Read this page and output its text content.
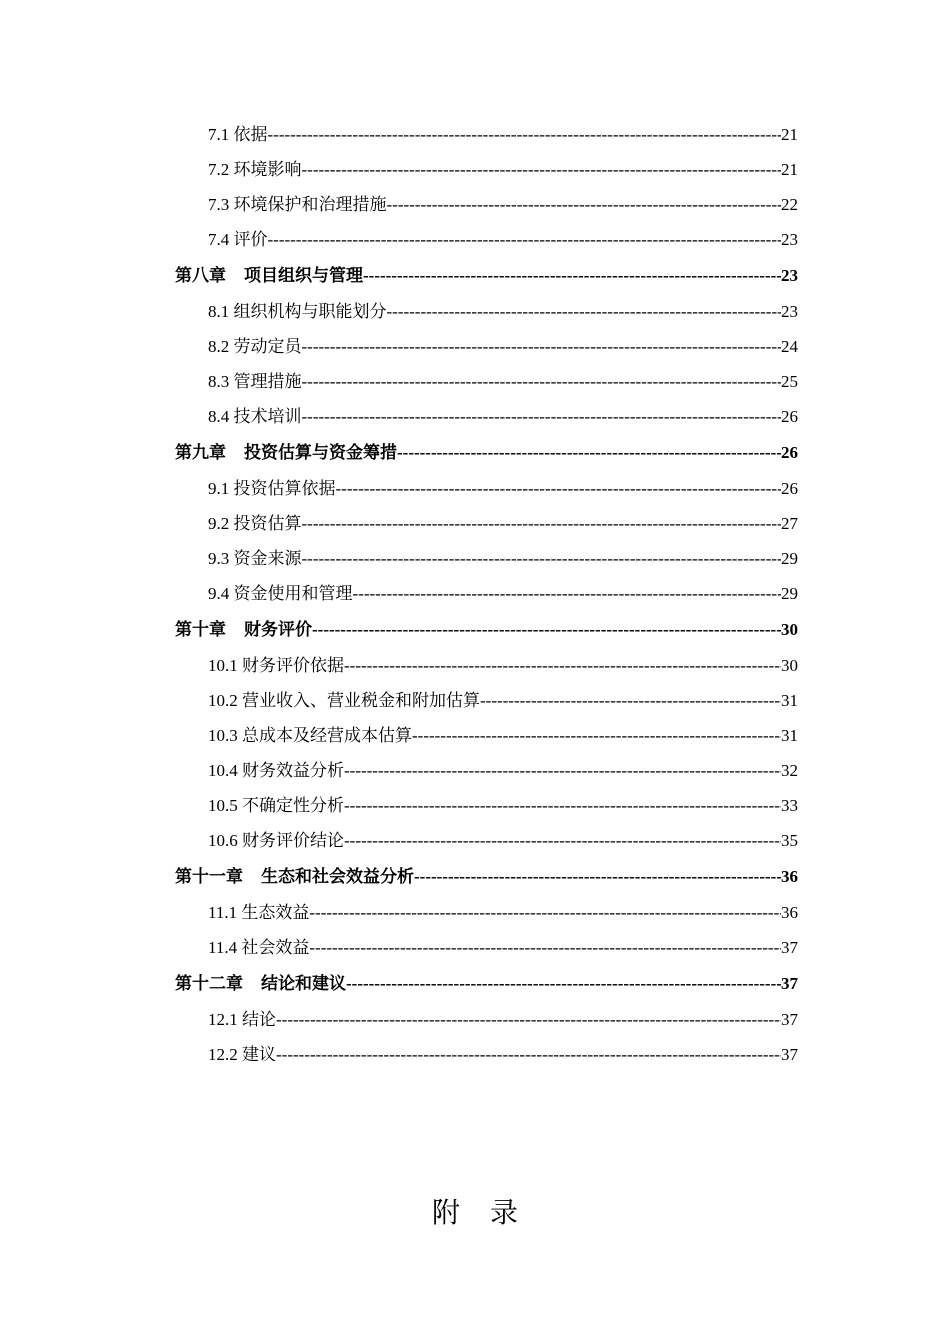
7.1 依据 -----	21
7.2 环境影响 -----	21
7.3 环境保护和治理措施 -----	22
7.4 评价 -----	23
第八章 项目组织与管理 -----	23
8.1 组织机构与职能划分 -----	23
8.2 劳动定员 -----	24
8.3 管理措施 -----	25
8.4 技术培训 -----	26
第九章 投资估算与资金筹措 -----	26
9.1 投资估算依据 -----	26
9.2 投资估算 -----	27
9.3 资金来源 -----	29
9.4 资金使用和管理 -----	29
第十章 财务评价 -----	30
10.1 财务评价依据 -----	30
10.2 营业收入、营业税金和附加估算 -----	31
10.3 总成本及经营成本估算 -----	31
10.4 财务效益分析 -----	32
10.5 不确定性分析 -----	33
10.6 财务评价结论 -----	35
第十一章 生态和社会效益分析 -----	36
11.1 生态效益 -----	36
11.4 社会效益 -----	37
第十二章 结论和建议 -----	37
12.1 结论 -----	37
12.2 建议 -----	37
附录
